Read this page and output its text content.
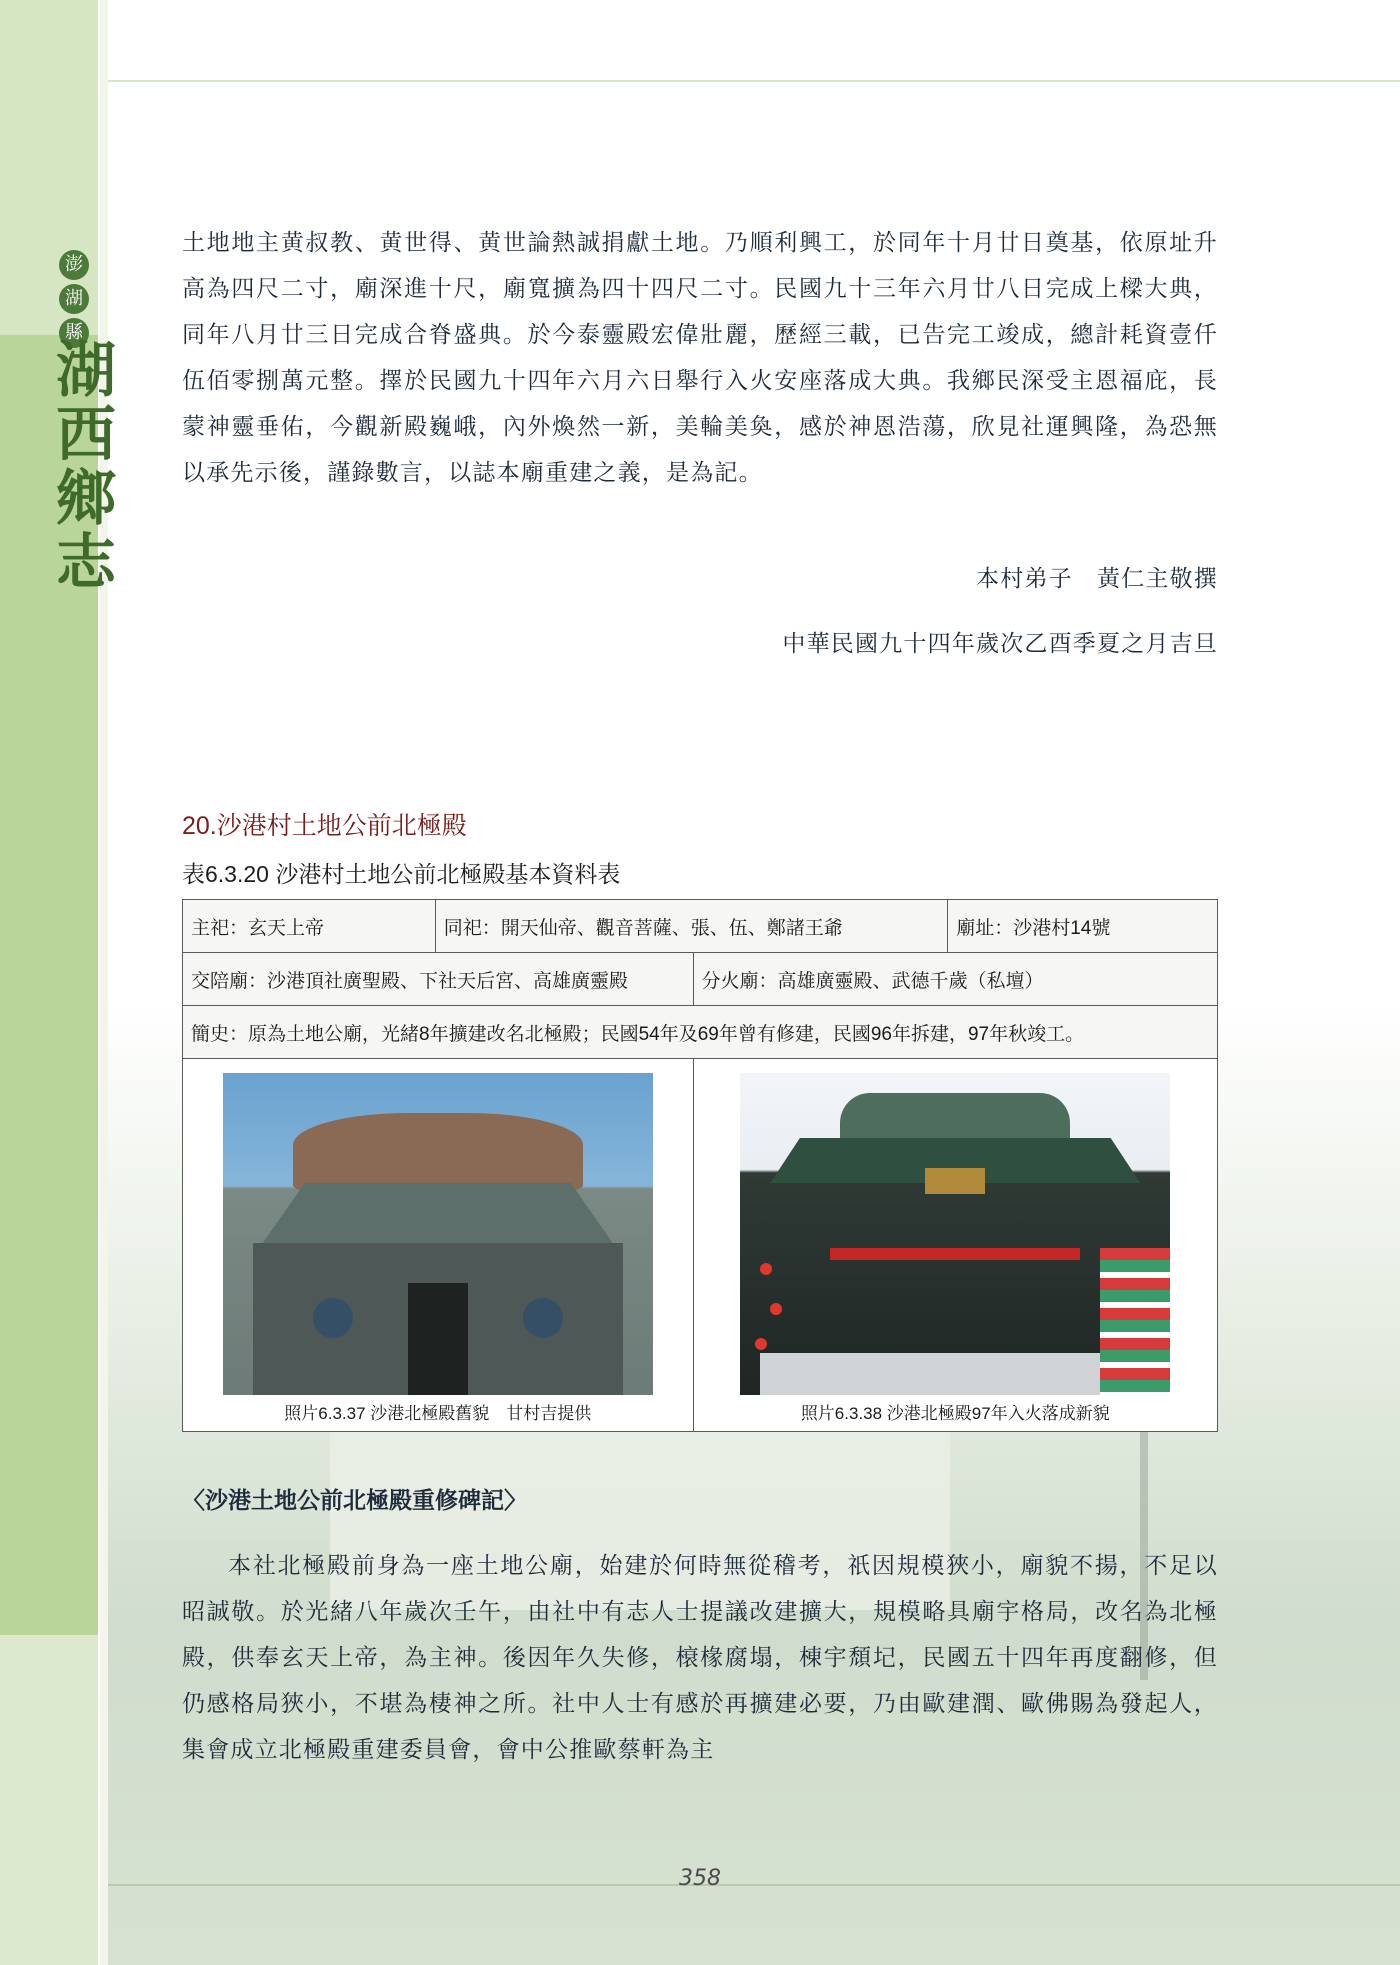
澎
湖
縣
湖西鄉志

土地地主黄叔教、黄世得、黄世論熱誠捐獻土地。乃順利興工，於同年十月廿日奠基，依原址升高為四尺二寸，廟深進十尺，廟寬擴為四十四尺二寸。民國九十三年六月廿八日完成上樑大典，同年八月廿三日完成合脊盛典。於今泰靈殿宏偉壯麗，歷經三載，已告完工竣成，總計耗資壹仟伍佰零捌萬元整。擇於民國九十四年六月六日舉行入火安座落成大典。我鄉民深受主恩福庇，長蒙神靈垂佑，今觀新殿巍峨，內外煥然一新，美輪美奐，感於神恩浩蕩，欣見社運興隆，為恐無以承先示後，謹錄數言，以誌本廟重建之義，是為記。

本村弟子　黃仁主敬撰
中華民國九十四年歲次乙酉季夏之月吉旦
20.沙港村土地公前北極殿
表6.3.20 沙港村土地公前北極殿基本資料表
主祀：玄天上帝	同祀：開天仙帝、觀音菩薩、張、伍、鄭諸王爺		廟址：沙港村14號
交陪廟：沙港頂社廣聖殿、下社天后宮、高雄廣靈殿		分火廟：高雄廣靈殿、武德千歲（私壇）	
簡史：原為土地公廟，光緒8年擴建改名北極殿；民國54年及69年曾有修建，民國96年拆建，97年秋竣工。			

照片6.3.37 沙港北極殿舊貌　甘村吉提供		照片6.3.38 沙港北極殿97年入火落成新貌	
〈沙港土地公前北極殿重修碑記〉

本社北極殿前身為一座土地公廟，始建於何時無從稽考，祇因規模狹小，廟貌不揚，不足以昭誠敬。於光緒八年歲次壬午，由社中有志人士提議改建擴大，規模略具廟宇格局，改名為北極殿，供奉玄天上帝，為主神。後因年久失修，榱椽腐塌，棟宇頹圮，民國五十四年再度翻修，但仍感格局狹小，不堪為棲神之所。社中人士有感於再擴建必要，乃由歐建潤、歐佛賜為發起人，集會成立北極殿重建委員會，會中公推歐蔡軒為主

358
